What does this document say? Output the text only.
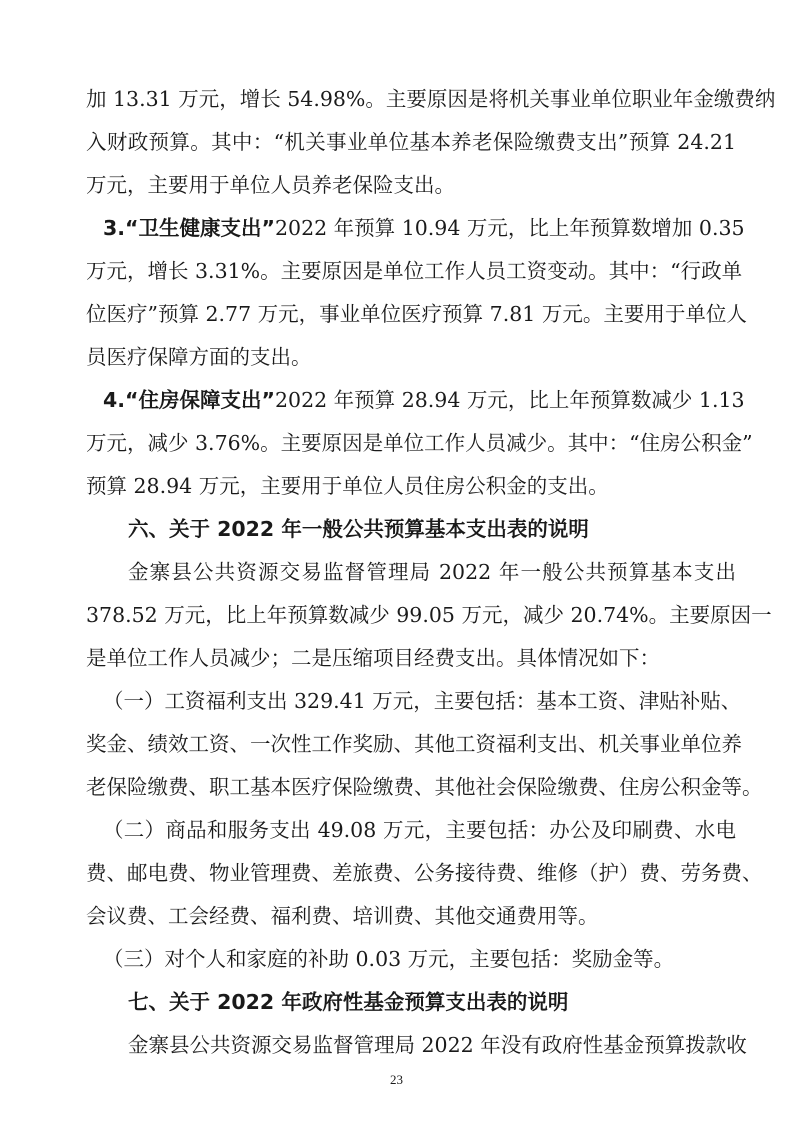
加 13.31 万元，增长 54.98%。主要原因是将机关事业单位职业年金缴费纳
入财政预算。其中：“机关事业单位基本养老保险缴费支出”预算 24.21
万元，主要用于单位人员养老保险支出。
3.“卫生健康支出”2022 年预算 10.94 万元，比上年预算数增加 0.35
万元，增长 3.31%。主要原因是单位工作人员工资变动。其中：“行政单
位医疗”预算 2.77 万元，事业单位医疗预算 7.81 万元。主要用于单位人
员医疗保障方面的支出。
4.“住房保障支出”2022 年预算 28.94 万元，比上年预算数减少 1.13
万元，减少 3.76%。主要原因是单位工作人员减少。其中：“住房公积金”
预算 28.94 万元，主要用于单位人员住房公积金的支出。
六、关于 2022 年一般公共预算基本支出表的说明
金寨县公共资源交易监督管理局 2022 年一般公共预算基本支出
378.52 万元，比上年预算数减少 99.05 万元，减少 20.74%。主要原因一
是单位工作人员减少；二是压缩项目经费支出。具体情况如下：
（一）工资福利支出 329.41 万元，主要包括：基本工资、津贴补贴、
奖金、绩效工资、一次性工作奖励、其他工资福利支出、机关事业单位养
老保险缴费、职工基本医疗保险缴费、其他社会保险缴费、住房公积金等。
（二）商品和服务支出 49.08 万元，主要包括：办公及印刷费、水电
费、邮电费、物业管理费、差旅费、公务接待费、维修（护）费、劳务费、
会议费、工会经费、福利费、培训费、其他交通费用等。
（三）对个人和家庭的补助 0.03 万元，主要包括：奖励金等。
七、关于 2022 年政府性基金预算支出表的说明
金寨县公共资源交易监督管理局 2022 年没有政府性基金预算拨款收
23
